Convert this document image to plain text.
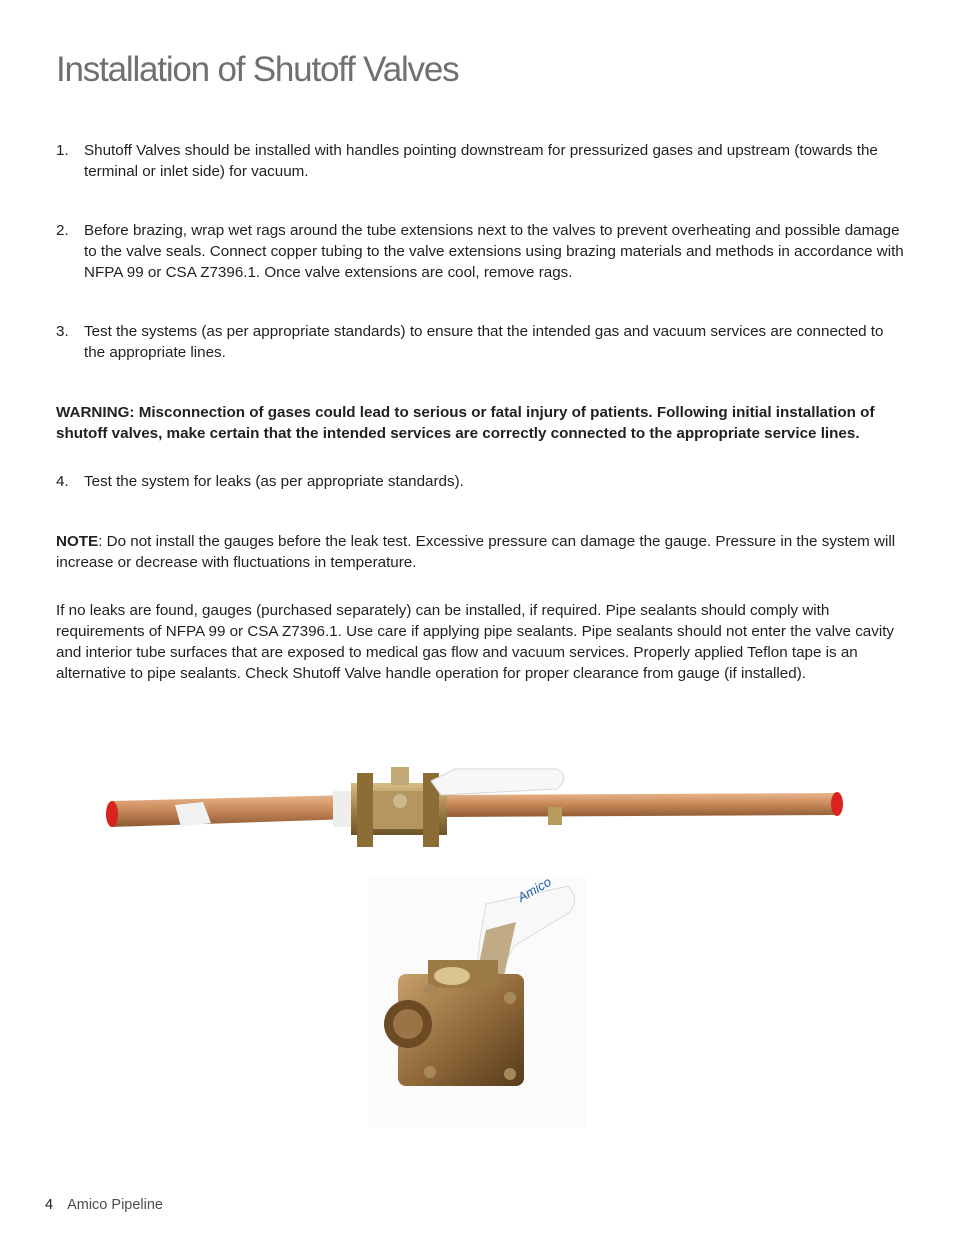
Installation of Shutoff Valves
1. Shutoff Valves should be installed with handles pointing downstream for pressurized gases and upstream (towards the terminal or inlet side) for vacuum.
2. Before brazing, wrap wet rags around the tube extensions next to the valves to prevent overheating and possible damage to the valve seals. Connect copper tubing to the valve extensions using brazing materials and methods in accordance with NFPA 99 or CSA Z7396.1. Once valve extensions are cool, remove rags.
3. Test the systems (as per appropriate standards) to ensure that the intended gas and vacuum services are connected to the appropriate lines.

WARNING: Misconnection of gases could lead to serious or fatal injury of patients. Following initial installation of shutoff valves, make certain that the intended services are correctly connected to the appropriate service lines.

4. Test the system for leaks (as per appropriate standards).

NOTE: Do not install the gauges before the leak test. Excessive pressure can damage the gauge. Pressure in the system will increase or decrease with fluctuations in temperature.

If no leaks are found, gauges (purchased separately) can be installed, if required. Pipe sealants should comply with requirements of NFPA 99 or CSA Z7396.1. Use care if applying pipe sealants. Pipe sealants should not enter the valve cavity and interior tube surfaces that are exposed to medical gas flow and vacuum services. Properly applied Teflon tape is an alternative to pipe sealants. Check Shutoff Valve handle operation for proper clearance from gauge (if installed).

Amico
4 Amico Pipeline
